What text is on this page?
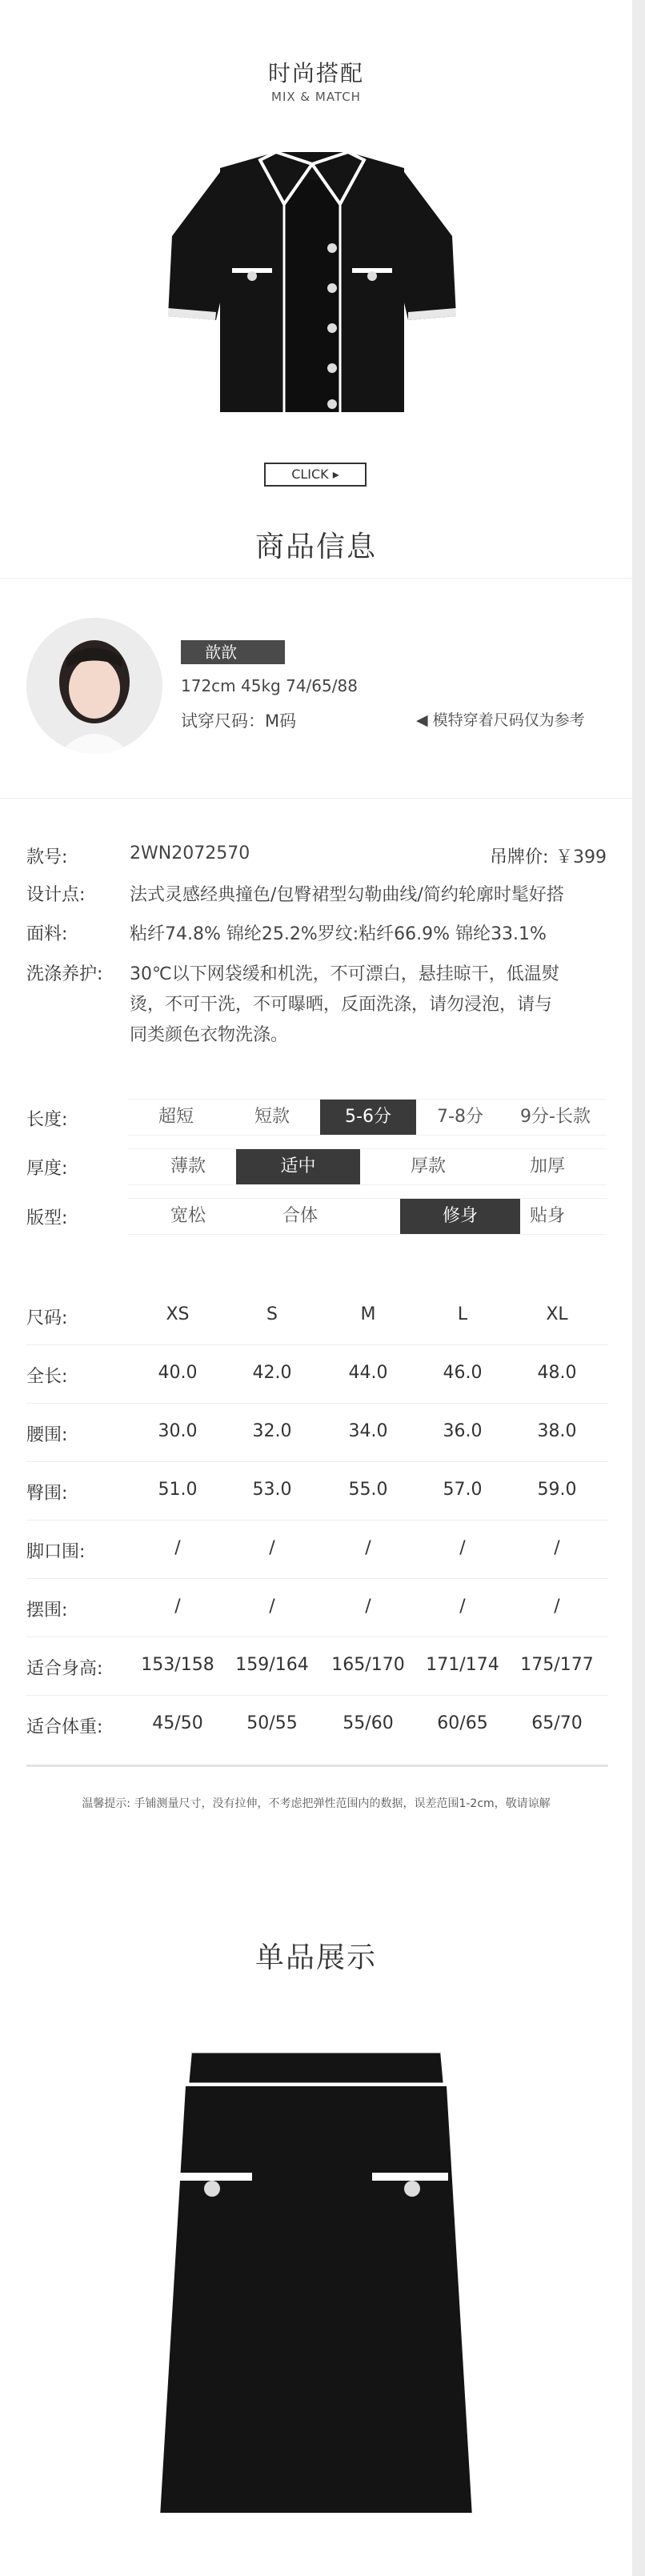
时尚搭配
MIX & MATCH
CLICK ▸
商品信息
歆歆
172cm 45kg 74/65/88
试穿尺码：M码	◀ 模特穿着尺码仅为参考
款号:	2WN2072570	吊牌价: ￥399
设计点:	法式灵感经典撞色/包臀裙型勾勒曲线/简约轮廓时髦好搭
面料:	粘纤74.8% 锦纶25.2%罗纹:粘纤66.9% 锦纶33.1%
洗涤养护: 30℃以下网袋缓和机洗，不可漂白，悬挂晾干，低温熨
烫，不可干洗，不可曝晒，反面洗涤，请勿浸泡，请与
同类颜色衣物洗涤。
长度:	超短	短款	5-6分	7-8分	9分-长款
厚度:	薄款	适中	厚款	加厚
版型:	宽松	合体	修身	贴身
尺码:	XS	S	M	L	XL
全长:	40.0	42.0	44.0	46.0	48.0
腰围:	30.0	32.0	34.0	36.0	38.0
臀围:	51.0	53.0	55.0	57.0	59.0
脚口围:	/	/	/	/	/
摆围:	/	/	/	/	/
适合身高:	153/158	159/164	165/170	171/174	175/177
适合体重:	45/50	50/55	55/60	60/65	65/70
温馨提示: 手铺测量尺寸，没有拉伸，不考虑把弹性范围内的数据，误差范围1-2cm，敬请谅解
单品展示
